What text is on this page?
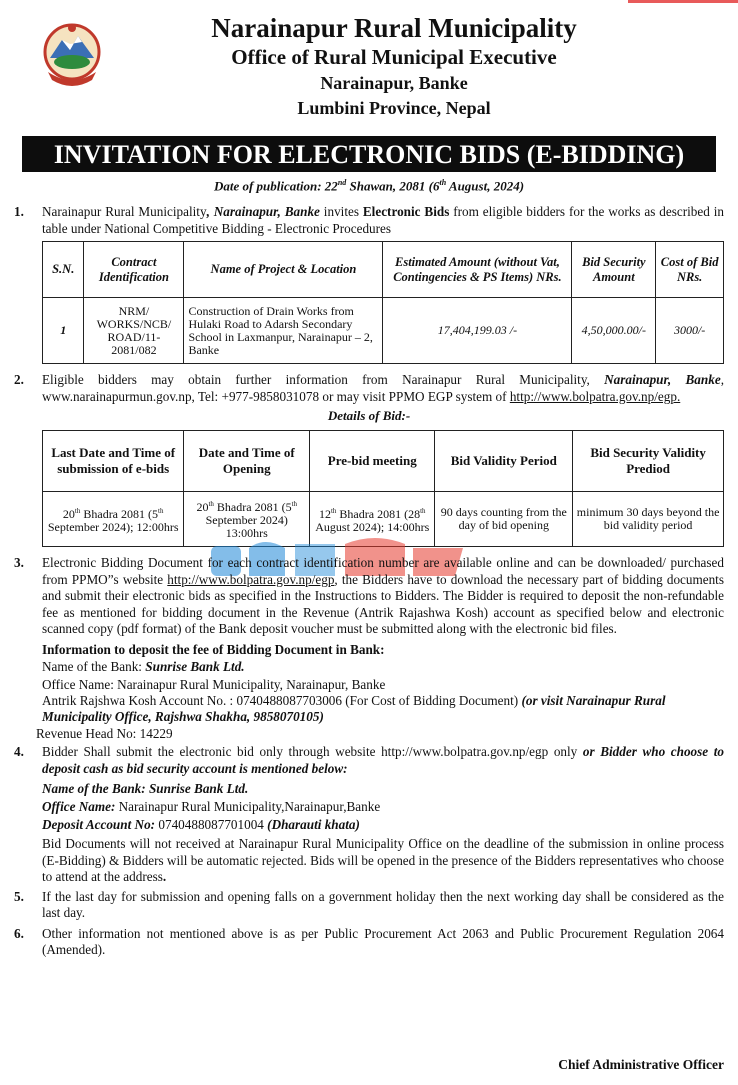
Narainapur Rural Municipality
Office of Rural Municipal Executive
Narainapur, Banke
Lumbini Province, Nepal
INVITATION FOR ELECTRONIC BIDS (E-BIDDING)
Date of publication: 22nd Shawan, 2081 (6th August, 2024)
1. Narainapur Rural Municipality, Narainapur, Banke invites Electronic Bids from eligible bidders for the works as described in table under National Competitive Bidding - Electronic Procedures
S.N.	Contract Identification	Name of Project & Location	Estimated Amount (without Vat, Contingencies & PS Items) NRs.	Bid Security Amount	Cost of Bid NRs.
1	NRM/ WORKS/NCB/ ROAD/11- 2081/082	Construction of Drain Works from Hulaki Road to Adarsh Secondary School in Laxmanpur, Narainapur – 2, Banke	17,404,199.03 /-	4,50,000.00/-	3000/-
2. Eligible bidders may obtain further information from Narainapur Rural Municipality, Narainapur, Banke, www.narainapurmun.gov.np, Tel: +977-9858031078 or may visit PPMO EGP system of http://www.bolpatra.gov.np/egp.
Details of Bid:-
Last Date and Time of submission of e-bids	Date and Time of Opening	Pre-bid meeting	Bid Validity Period	Bid Security Validity Prediod
20th Bhadra 2081 (5th September 2024); 12:00hrs	20th Bhadra 2081 (5th September 2024) 13:00hrs	12th Bhadra 2081 (28th August 2024); 14:00hrs	90 days counting from the day of bid opening	minimum 30 days beyond the bid validity period
3. Electronic Bidding Document for each contract identification number are available online and can be downloaded/ purchased from PPMO”s website http://www.bolpatra.gov.np/egp, the Bidders have to download the necessary part of bidding documents and submit their electronic bids as specified in the Instructions to Bidders. The Bidder is required to deposit the non-refundable fee as mentioned for bidding document in the Revenue (Antrik Rajashwa Kosh) account as specified below and electronic scanned copy (pdf format) of the Bank deposit voucher must be submitted along with the electronic bid files.
Information to deposit the fee of Bidding Document in Bank:
Name of the Bank: Sunrise Bank Ltd.
Office Name: Narainapur Rural Municipality, Narainapur, Banke
Antrik Rajshwa Kosh Account No. : 0740488087703006 (For Cost of Bidding Document) (or visit Narainapur Rural Municipality Office, Rajshwa Shakha, 9858070105)
Revenue Head No: 14229
4. Bidder Shall submit the electronic bid only through website http://www.bolpatra.gov.np/egp only or Bidder who choose to deposit cash as bid security account is mentioned below:
Name of the Bank: Sunrise Bank Ltd.
Office Name: Narainapur Rural Municipality,Narainapur,Banke
Deposit Account No: 0740488087701004 (Dharauti khata)
Bid Documents will not received at Narainapur Rural Municipality Office on the deadline of the submission in online process (E-Bidding) & Bidders will be automatic rejected. Bids will be opened in the presence of the Bidders representatives who choose to attend at the address.
5. If the last day for submission and opening falls on a government holiday then the next working day shall be considered as the last day.
6. Other information not mentioned above is as per Public Procurement Act 2063 and Public Procurement Regulation 2064 (Amended).
Chief Administrative Officer
